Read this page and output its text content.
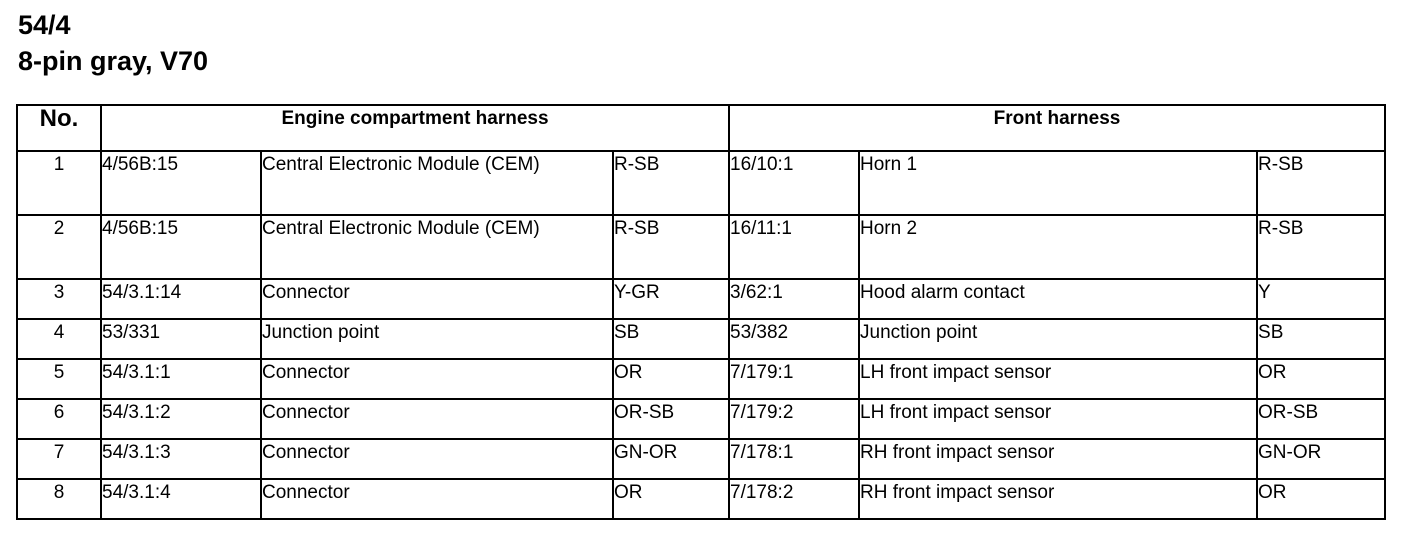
54/4
8-pin gray, V70
No.	Engine compartment harness			Front harness		
1	4/56B:15	Central Electronic Module (CEM)	R-SB	16/10:1	Horn 1	R-SB
2	4/56B:15	Central Electronic Module (CEM)	R-SB	16/11:1	Horn 2	R-SB
3	54/3.1:14	Connector	Y-GR	3/62:1	Hood alarm contact	Y
4	53/331	Junction point	SB	53/382	Junction point	SB
5	54/3.1:1	Connector	OR	7/179:1	LH front impact sensor	OR
6	54/3.1:2	Connector	OR-SB	7/179:2	LH front impact sensor	OR-SB
7	54/3.1:3	Connector	GN-OR	7/178:1	RH front impact sensor	GN-OR
8	54/3.1:4	Connector	OR	7/178:2	RH front impact sensor	OR
